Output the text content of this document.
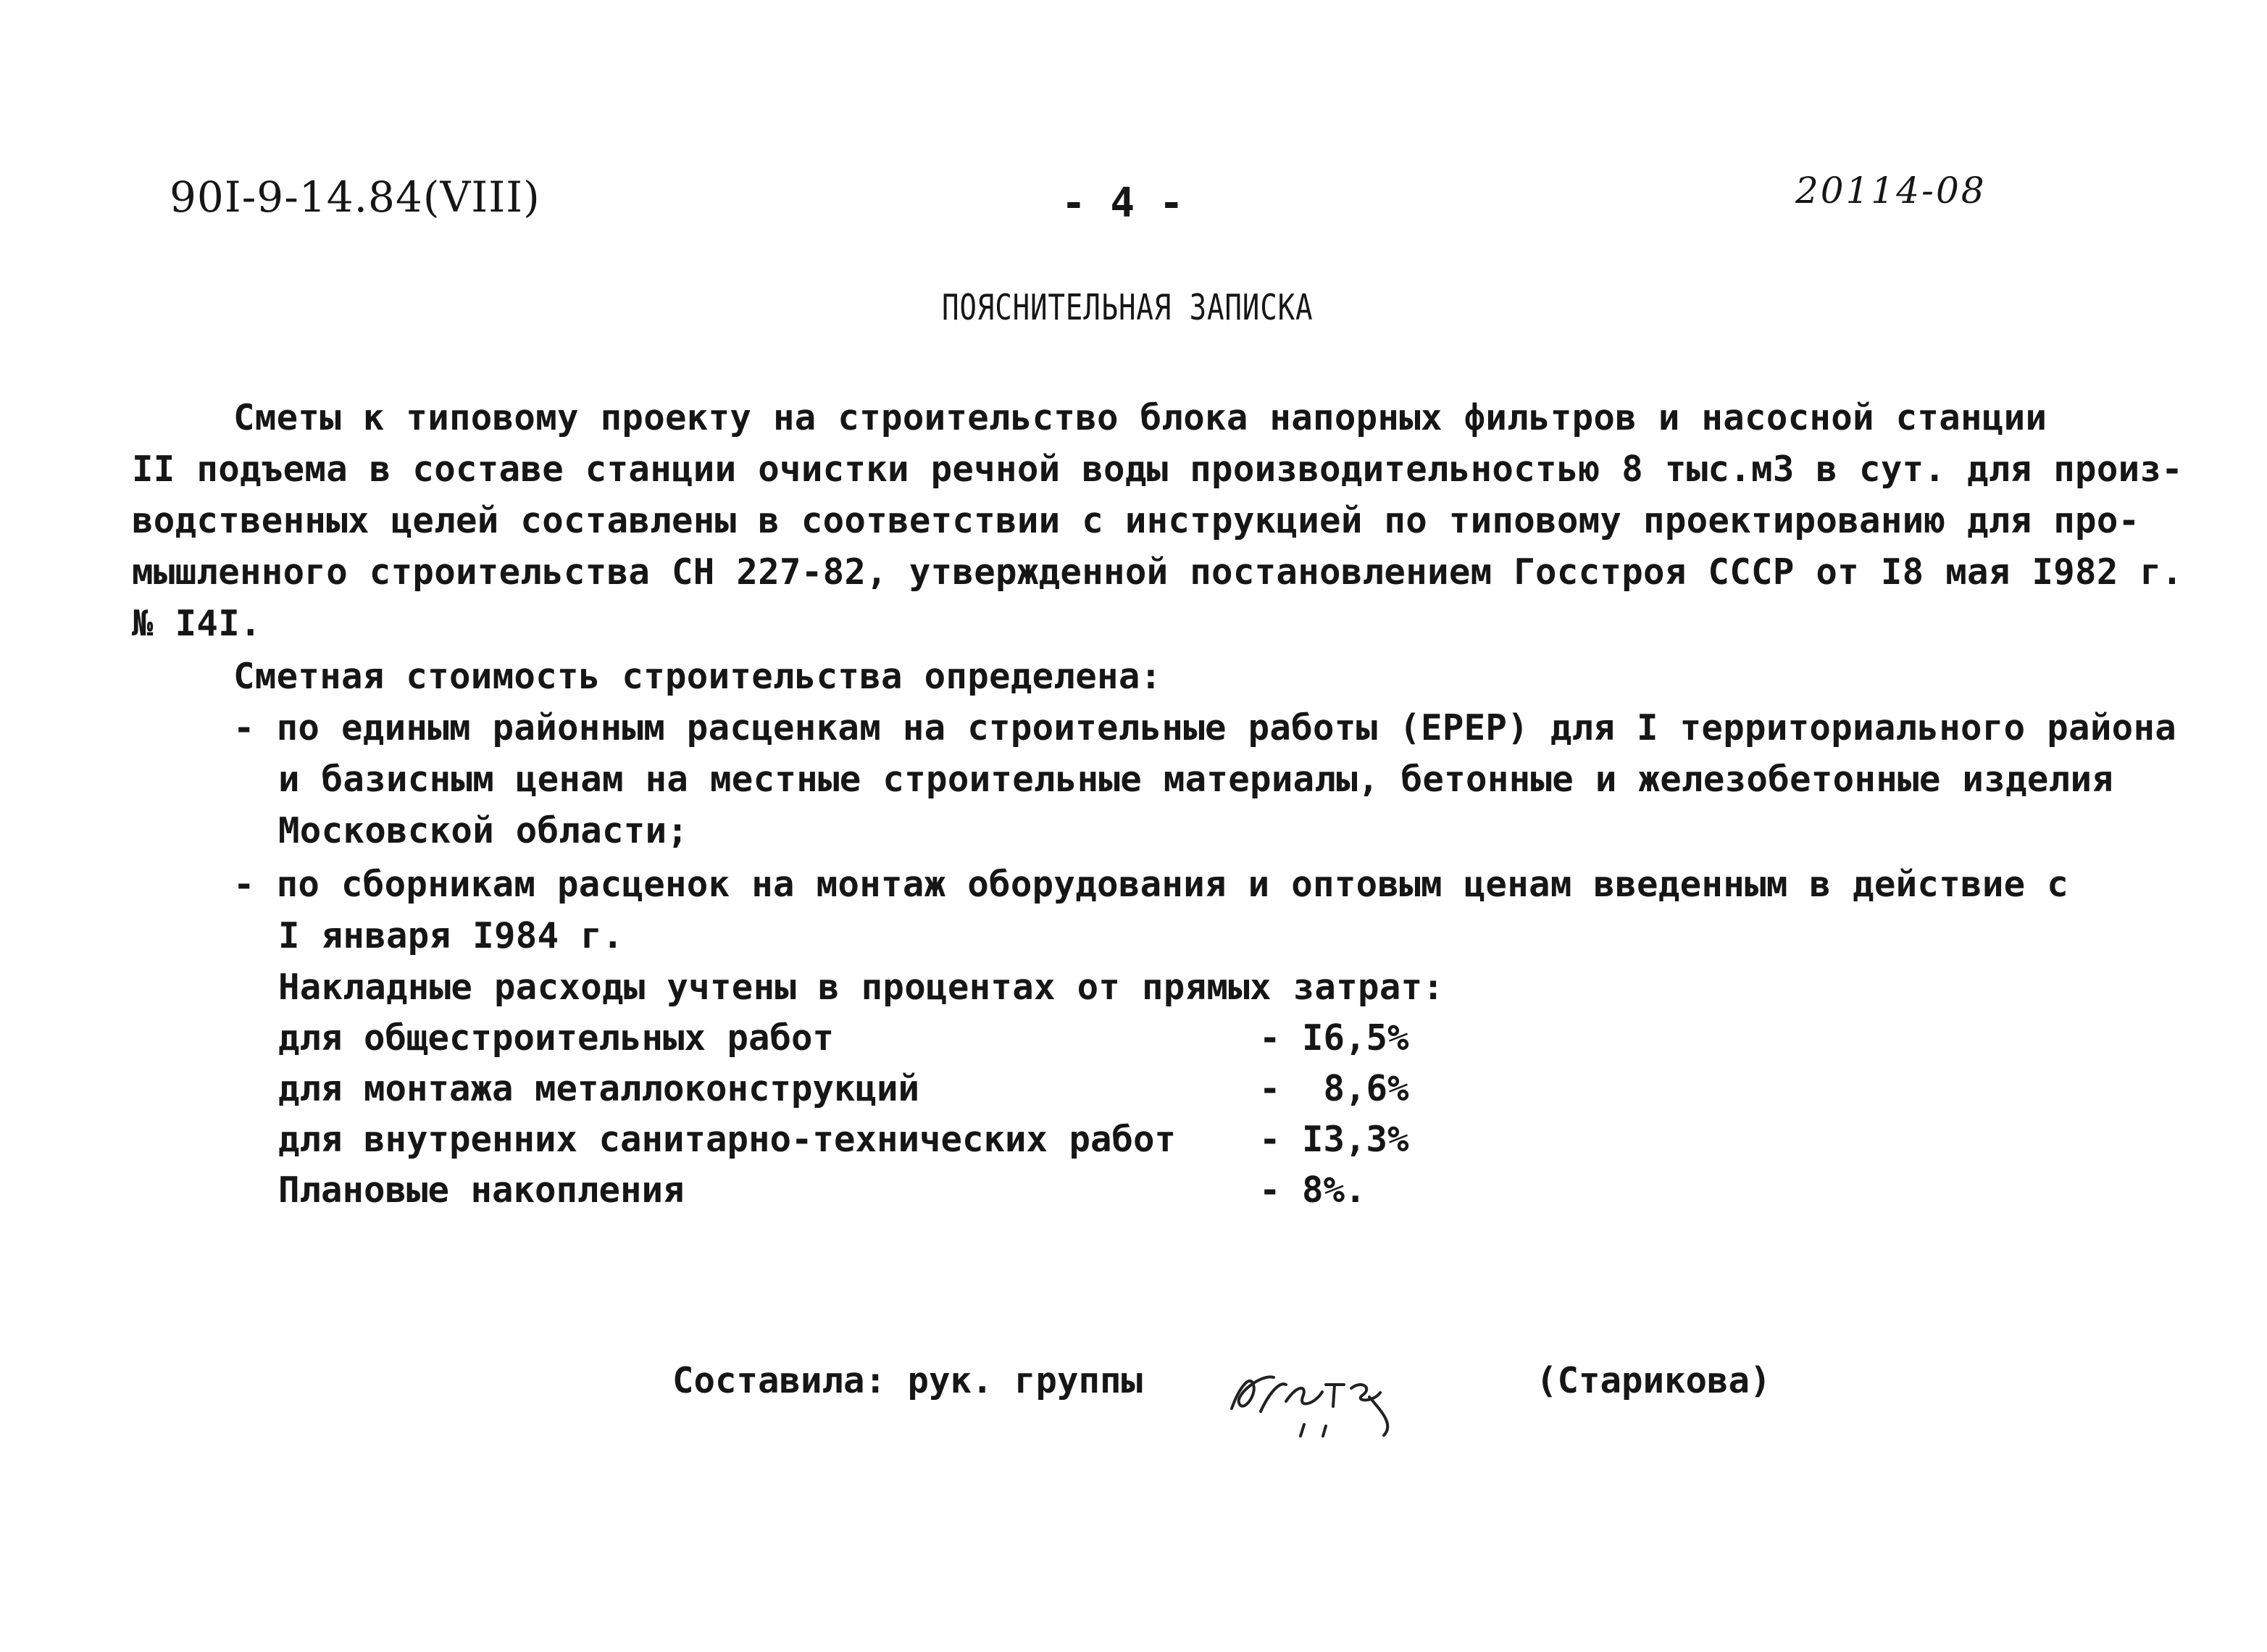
90I-9-14.84(VIII)	- 4 -	20114-08
ПОЯСНИТЕЛЬНАЯ ЗАПИСКА
Сметы к типовому проекту на строительство блока напорных фильтров и насосной станции
II подъема в составе станции очистки речной воды производительностью 8 тыс.м3 в сут. для произ-
водственных целей составлены в соответствии с инструкцией по типовому проектированию для про-
мышленного строительства СН 227-82, утвержденной постановлением Госстроя СССР от I8 мая I982 г.
№ I4I.
Сметная стоимость строительства определена:
- по единым районным расценкам на строительные работы (ЕРЕР) для I территориального района
и базисным ценам на местные строительные материалы, бетонные и железобетонные изделия
Московской области;
- по сборникам расценок на монтаж оборудования и оптовым ценам введенным в действие с
I января I984 г.
Накладные расходы учтены в процентах от прямых затрат:
для общестроительных работ	- I6,5%
для монтажа металлоконструкций	-  8,6%
для внутренних санитарно-технических работ - I3,3%
Плановые накопления	- 8%.
Составила: рук. группы	(Старикова)
